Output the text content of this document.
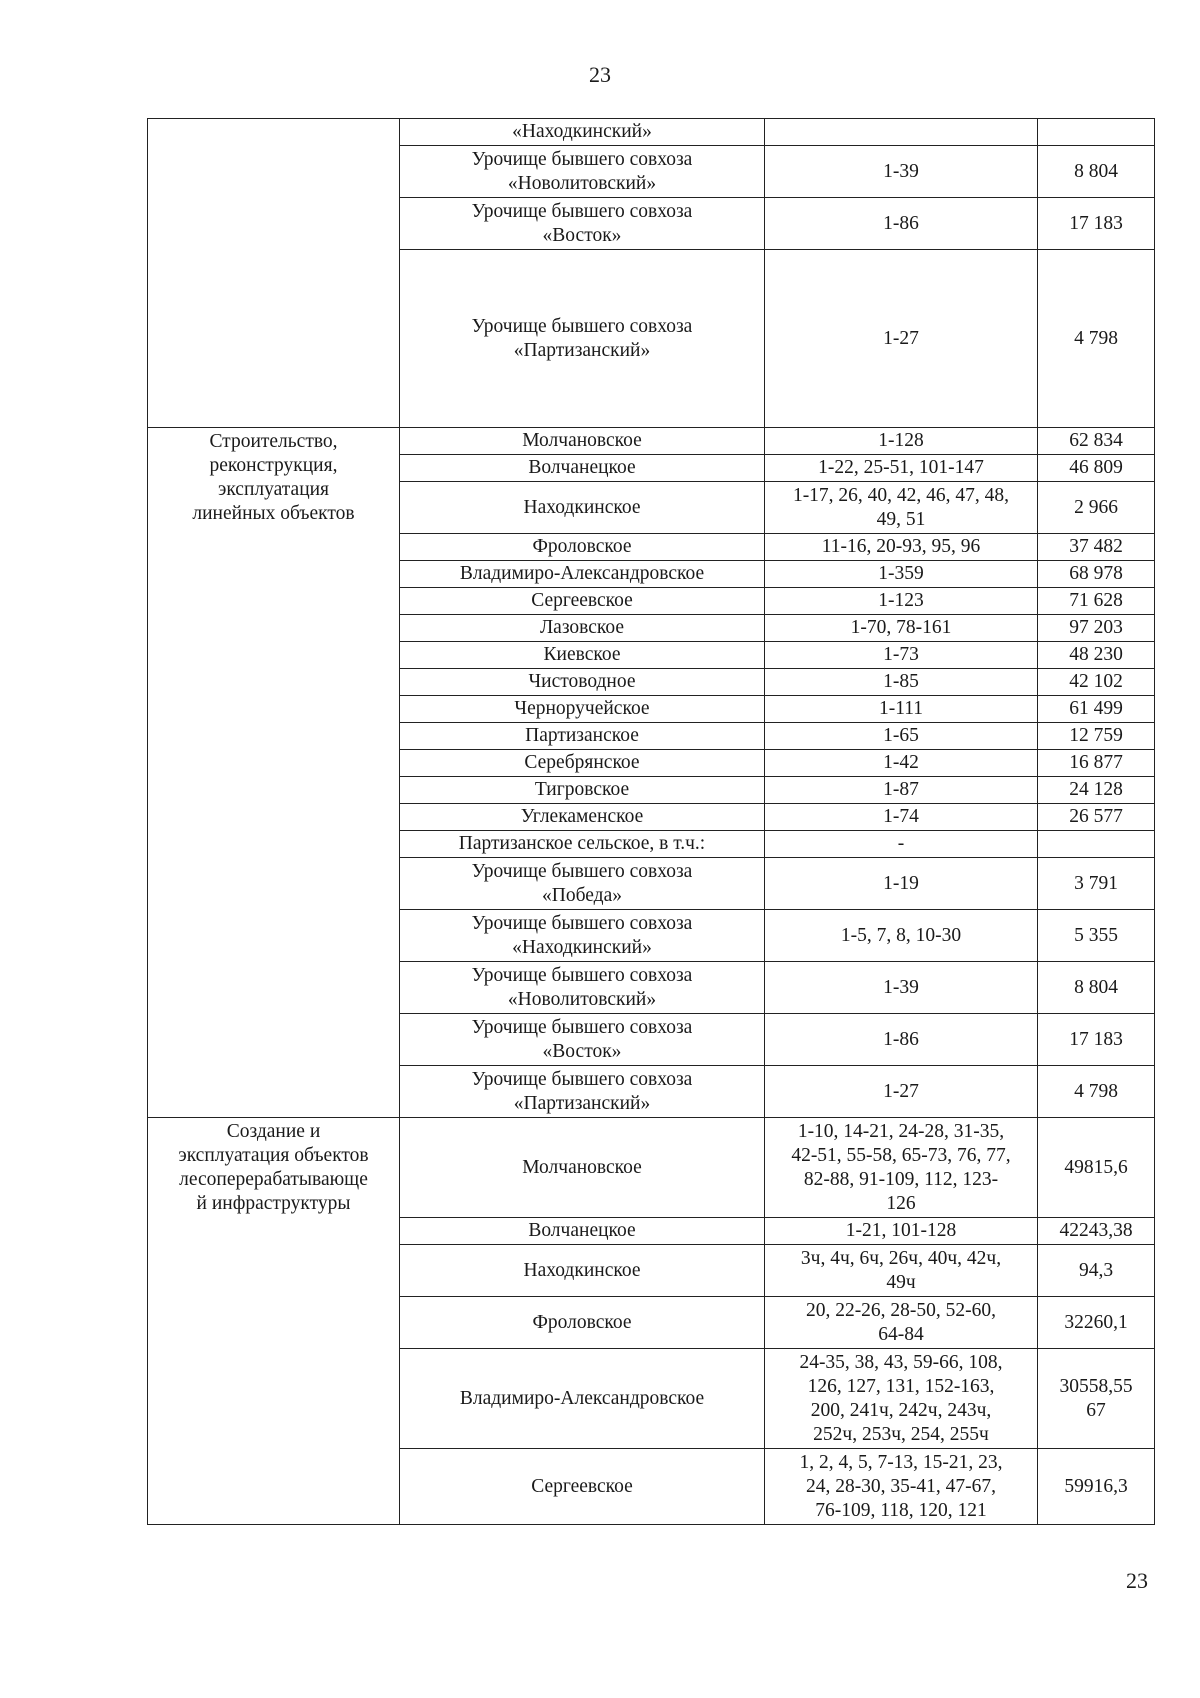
23
	«Находкинский»		
	Урочище бывшего совхоза
«Новолитовский»	1-39	8 804
	Урочище бывшего совхоза
«Восток»	1-86	17 183
	Урочище бывшего совхоза
«Партизанский»	1-27	4 798
Строительство,
реконструкция,
эксплуатация
линейных объектов	Молчановское	1-128	62 834
	Волчанецкое	1-22, 25-51, 101-147	46 809
	Находкинское	1-17, 26, 40, 42, 46, 47, 48,
49, 51	2 966
	Фроловское	11-16, 20-93, 95, 96	37 482
	Владимиро-Александровское	1-359	68 978
	Сергеевское	1-123	71 628
	Лазовское	1-70, 78-161	97 203
	Киевское	1-73	48 230
	Чистоводное	1-85	42 102
	Черноручейское	1-111	61 499
	Партизанское	1-65	12 759
	Серебрянское	1-42	16 877
	Тигровское	1-87	24 128
	Углекаменское	1-74	26 577
	Партизанское сельское, в т.ч.:	-	
	Урочище бывшего совхоза
«Победа»	1-19	3 791
	Урочище бывшего совхоза
«Находкинский»	1-5, 7, 8, 10-30	5 355
	Урочище бывшего совхоза
«Новолитовский»	1-39	8 804
	Урочище бывшего совхоза
«Восток»	1-86	17 183
	Урочище бывшего совхоза
«Партизанский»	1-27	4 798
Создание и
эксплуатация объектов
лесоперерабатывающе
й инфраструктуры	Молчановское	1-10, 14-21, 24-28, 31-35,
42-51, 55-58, 65-73, 76, 77,
82-88, 91-109, 112, 123-
126	49815,6
	Волчанецкое	1-21, 101-128	42243,38
	Находкинское	3ч, 4ч, 6ч, 26ч, 40ч, 42ч,
49ч	94,3
	Фроловское	20, 22-26, 28-50, 52-60,
64-84	32260,1
	Владимиро-Александровское	24-35, 38, 43, 59-66, 108,
126, 127, 131, 152-163,
200, 241ч, 242ч, 243ч,
252ч, 253ч, 254, 255ч	30558,55
67
	Сергеевское	1, 2, 4, 5, 7-13, 15-21, 23,
24, 28-30, 35-41, 47-67,
76-109, 118, 120, 121	59916,3
23
